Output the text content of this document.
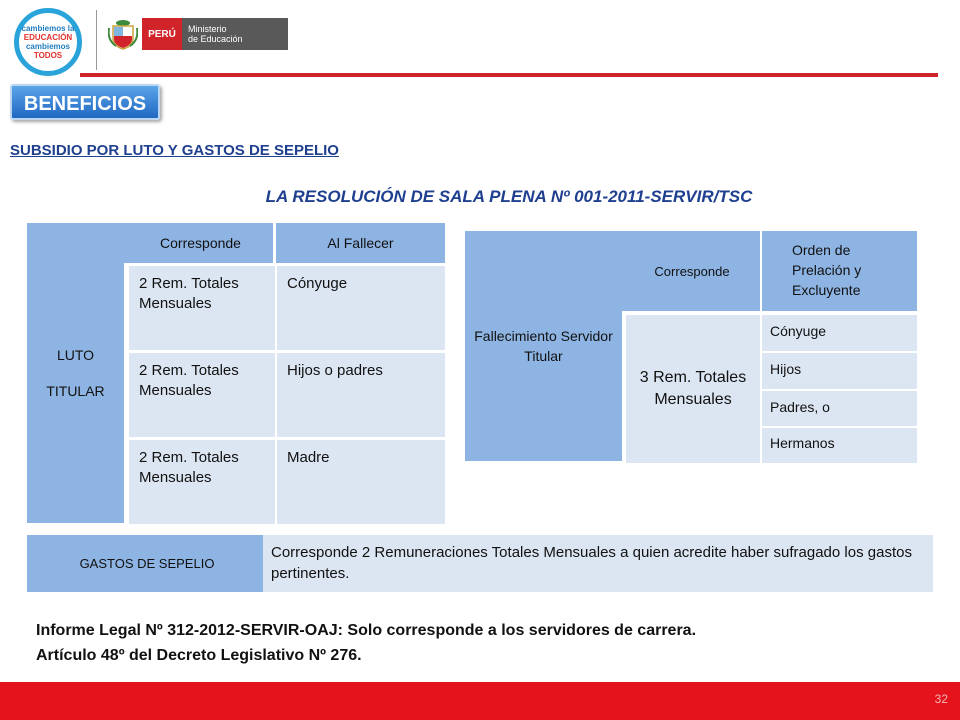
cambiemos la
EDUCACIÓN
cambiemos
TODOS
PERÚ	Ministerio
de Educación
BENEFICIOS
SUBSIDIO POR LUTO Y GASTOS DE SEPELIO
LA RESOLUCIÓN DE SALA PLENA Nº 001-2011-SERVIR/TSC
LUTO
TITULAR
Corresponde	Al Fallecer
2 Rem. Totales Mensuales
Cónyuge
2 Rem. Totales Mensuales
Hijos o padres
2 Rem. Totales Mensuales
Madre
Fallecimiento Servidor Titular
Corresponde
Orden de Prelación y Excluyente
3 Rem. Totales Mensuales
Cónyuge
Hijos
Padres, o
Hermanos
GASTOS DE SEPELIO
Corresponde 2 Remuneraciones Totales Mensuales a quien acredite haber sufragado los gastos pertinentes.
Informe Legal Nº 312-2012-SERVIR-OAJ: Solo corresponde a los servidores de carrera.
Artículo 48º del Decreto Legislativo Nº 276.
32
